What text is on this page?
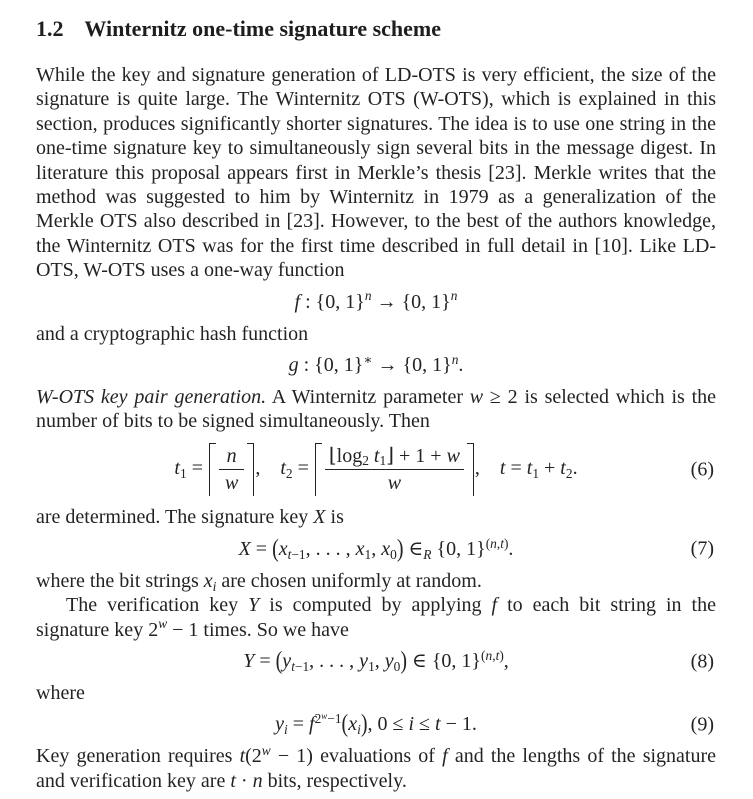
1.2 Winternitz one-time signature scheme

While the key and signature generation of LD-OTS is very efficient, the size of the signature is quite large. The Winternitz OTS (W-OTS), which is explained in this section, produces significantly shorter signatures. The idea is to use one string in the one-time signature key to simultaneously sign several bits in the message digest. In literature this proposal appears first in Merkle’s thesis [23]. Merkle writes that the method was suggested to him by Winternitz in 1979 as a generalization of the Merkle OTS also described in [23]. However, to the best of the authors knowledge, the Winternitz OTS was for the first time described in full detail in [10]. Like LD-OTS, W-OTS uses a one-way function

f : {0, 1}$^n$ → {0, 1}$^n$

and a cryptographic hash function

g : {0, 1}∗ → {0, 1}$^n$.

W-OTS key pair generation. A Winternitz parameter w ≥ 2 is selected which is the number of bits to be signed simultaneously. Then

$t1 = \frac{n}{w}$ ,    $t2 = \frac{⌊\log 2 t1⌋ + 1 + w}{w}$ ,    t = t1 + t2.	(6)

are determined. The signature key X is

X = (xt−1, . . . , x1, x0) ∈R {0, 1}$^{(n,t)}$.	(7)

where the bit strings xi are chosen uniformly at random.

The verification key Y is computed by applying f to each bit string in the signature key $2^w - 1$ times. So we have

Y = (yt−1, . . . , y1, y0) ∈ {0, 1}$^{(n,t)}$,	(8)

where

yi = $f^{2^w-1}(xi)$, 0 ≤ i ≤ t − 1.	(9)

Key generation requires $t(2^w - 1)$ evaluations of f and the lengths of the signature and verification key are t · n bits, respectively.
